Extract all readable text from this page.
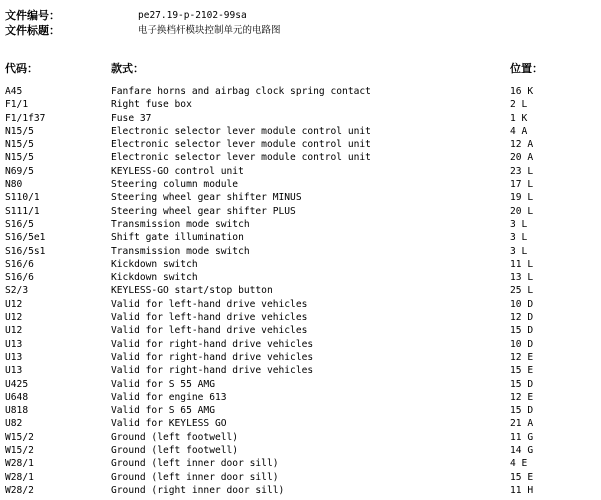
文件编号：	pe27.19-p-2102-99sa
文件标题：	电子换档杆模块控制单元的电路图
代码：	款式：	位置：
A45	Fanfare horns and airbag clock spring contact	16 K
F1/1	Right fuse box	2 L
F1/1f37	Fuse 37	1 K
N15/5	Electronic selector lever module control unit	4 A
N15/5	Electronic selector lever module control unit	12 A
N15/5	Electronic selector lever module control unit	20 A
N69/5	KEYLESS-GO control unit	23 L
N80	Steering column module	17 L
S110/1	Steering wheel gear shifter MINUS	19 L
S111/1	Steering wheel gear shifter PLUS	20 L
S16/5	Transmission mode switch	3 L
S16/5e1	Shift gate illumination	3 L
S16/5s1	Transmission mode switch	3 L
S16/6	Kickdown switch	11 L
S16/6	Kickdown switch	13 L
S2/3	KEYLESS-GO start/stop button	25 L
U12	Valid for left-hand drive vehicles	10 D
U12	Valid for left-hand drive vehicles	12 D
U12	Valid for left-hand drive vehicles	15 D
U13	Valid for right-hand drive vehicles	10 D
U13	Valid for right-hand drive vehicles	12 E
U13	Valid for right-hand drive vehicles	15 E
U425	Valid for S 55 AMG	15 D
U648	Valid for engine 613	12 E
U818	Valid for S 65 AMG	15 D
U82	Valid for KEYLESS GO	21 A
W15/2	Ground (left footwell)	11 G
W15/2	Ground (left footwell)	14 G
W28/1	Ground (left inner door sill)	4 E
W28/1	Ground (left inner door sill)	15 E
W28/2	Ground (right inner door sill)	11 H
